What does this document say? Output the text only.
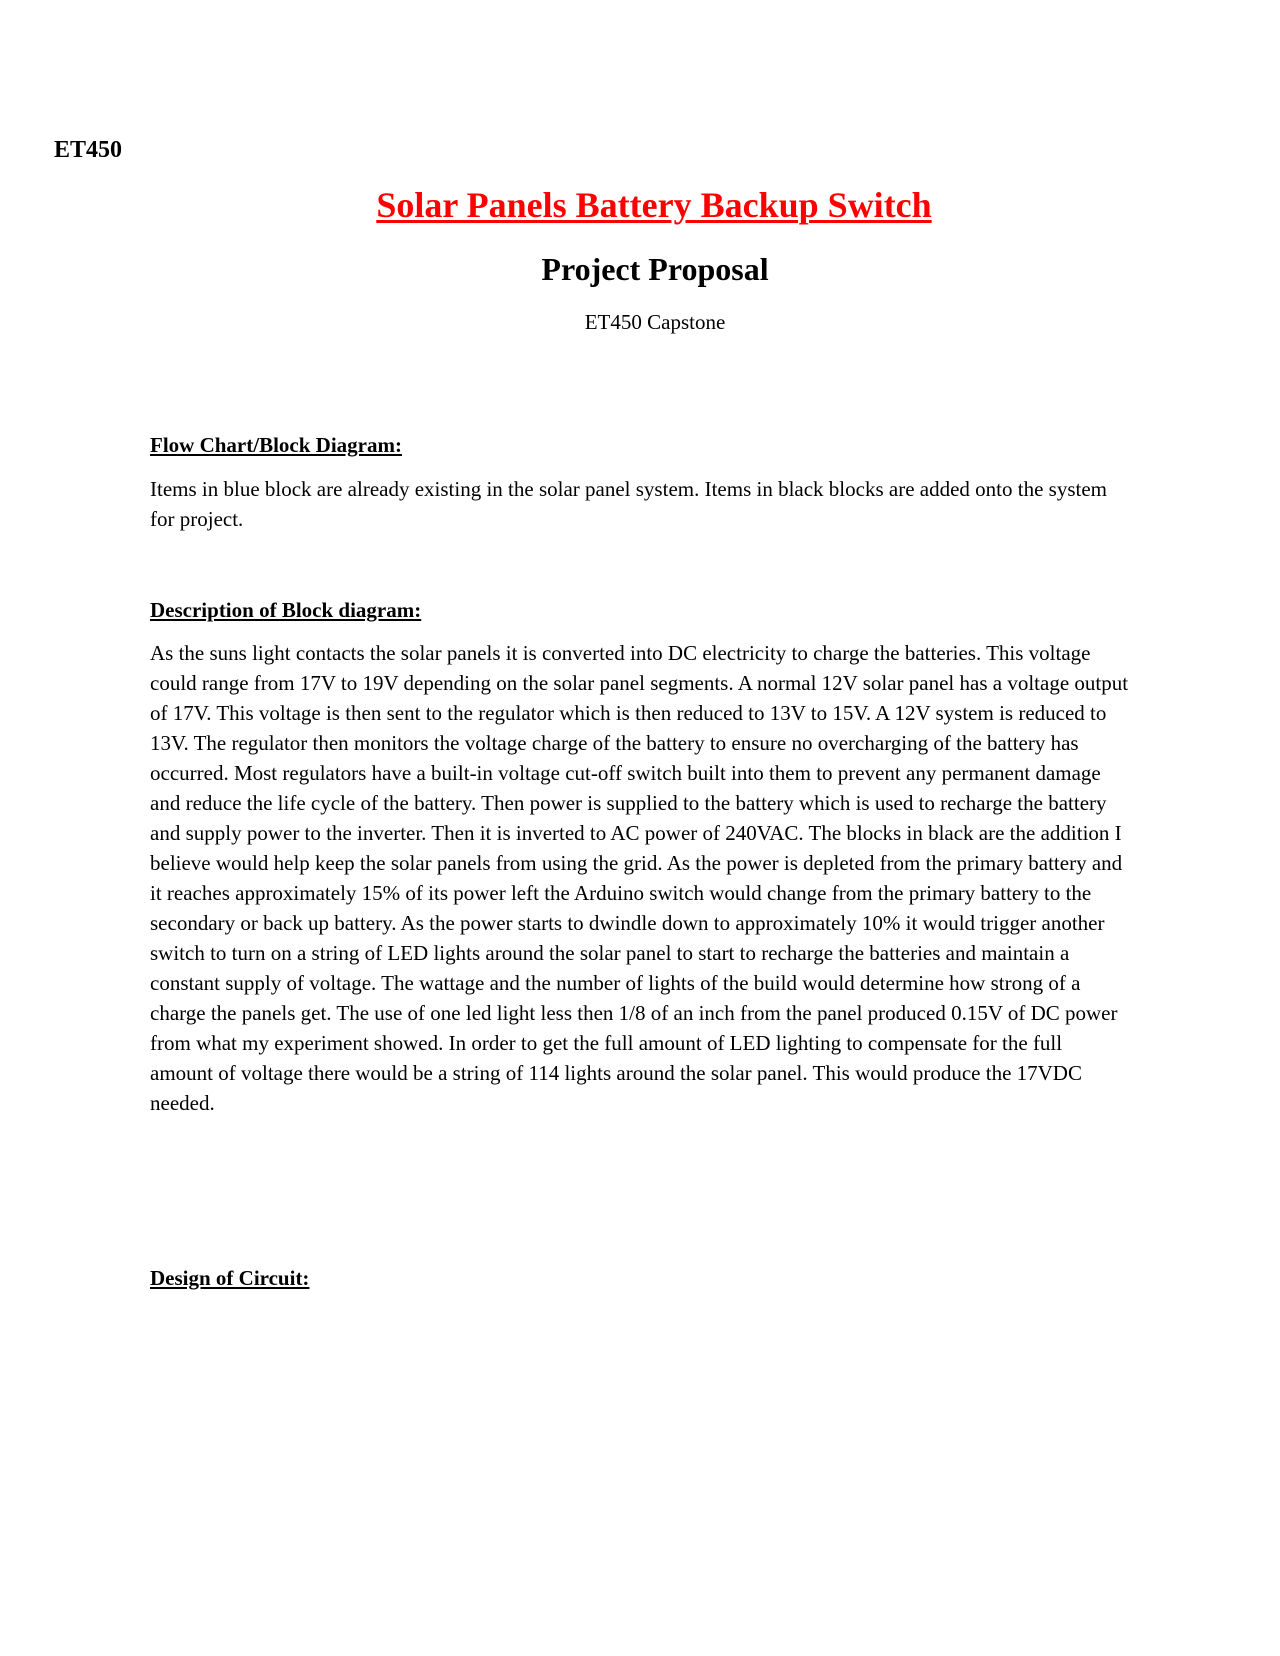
ET450
Solar Panels Battery Backup Switch
Project Proposal
ET450 Capstone
Flow Chart/Block Diagram:

Items in blue block are already existing in the solar panel system. Items in black blocks are added onto the system for project.

Description of Block diagram:

As the suns light contacts the solar panels it is converted into DC electricity to charge the batteries. This voltage could range from 17V to 19V depending on the solar panel segments. A normal 12V solar panel has a voltage output of 17V. This voltage is then sent to the regulator which is then reduced to 13V to 15V. A 12V system is reduced to 13V. The regulator then monitors the voltage charge of the battery to ensure no overcharging of the battery has occurred. Most regulators have a built-in voltage cut-off switch built into them to prevent any permanent damage and reduce the life cycle of the battery. Then power is supplied to the battery which is used to recharge the battery and supply power to the inverter. Then it is inverted to AC power of 240VAC. The blocks in black are the addition I believe would help keep the solar panels from using the grid. As the power is depleted from the primary battery and it reaches approximately 15% of its power left the Arduino switch would change from the primary battery to the secondary or back up battery. As the power starts to dwindle down to approximately 10% it would trigger another switch to turn on a string of LED lights around the solar panel to start to recharge the batteries and maintain a constant supply of voltage. The wattage and the number of lights of the build would determine how strong of a charge the panels get. The use of one led light less then 1/8 of an inch from the panel produced 0.15V of DC power from what my experiment showed. In order to get the full amount of LED lighting to compensate for the full amount of voltage there would be a string of 114 lights around the solar panel. This would produce the 17VDC needed.

Design of Circuit:
